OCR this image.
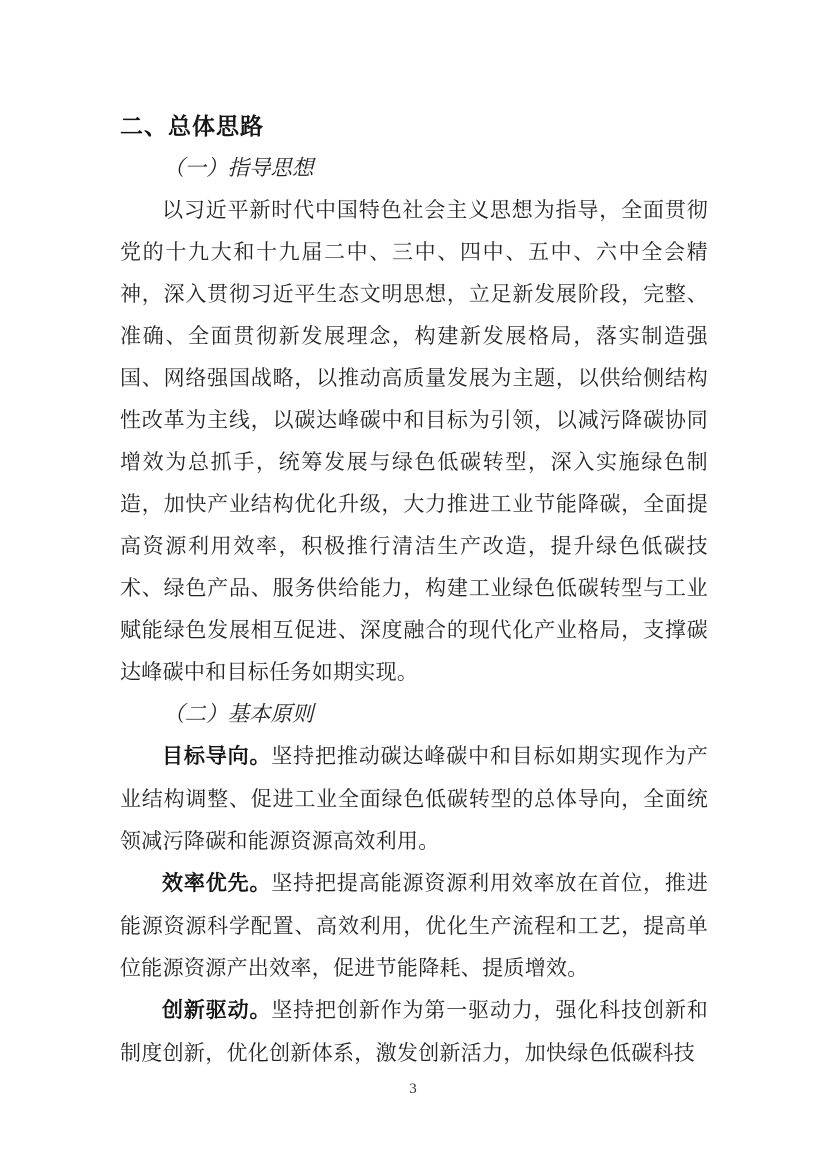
二、总体思路
（一）指导思想

以习近平新时代中国特色社会主义思想为指导，全面贯彻党的十九大和十九届二中、三中、四中、五中、六中全会精神，深入贯彻习近平生态文明思想，立足新发展阶段，完整、准确、全面贯彻新发展理念，构建新发展格局，落实制造强国、网络强国战略，以推动高质量发展为主题，以供给侧结构性改革为主线，以碳达峰碳中和目标为引领，以减污降碳协同增效为总抓手，统筹发展与绿色低碳转型，深入实施绿色制造，加快产业结构优化升级，大力推进工业节能降碳，全面提高资源利用效率，积极推行清洁生产改造，提升绿色低碳技术、绿色产品、服务供给能力，构建工业绿色低碳转型与工业赋能绿色发展相互促进、深度融合的现代化产业格局，支撑碳达峰碳中和目标任务如期实现。

（二）基本原则

目标导向。坚持把推动碳达峰碳中和目标如期实现作为产业结构调整、促进工业全面绿色低碳转型的总体导向，全面统领减污降碳和能源资源高效利用。

效率优先。坚持把提高能源资源利用效率放在首位，推进能源资源科学配置、高效利用，优化生产流程和工艺，提高单位能源资源产出效率，促进节能降耗、提质增效。

创新驱动。坚持把创新作为第一驱动力，强化科技创新和制度创新，优化创新体系，激发创新活力，加快绿色低碳科技

3
